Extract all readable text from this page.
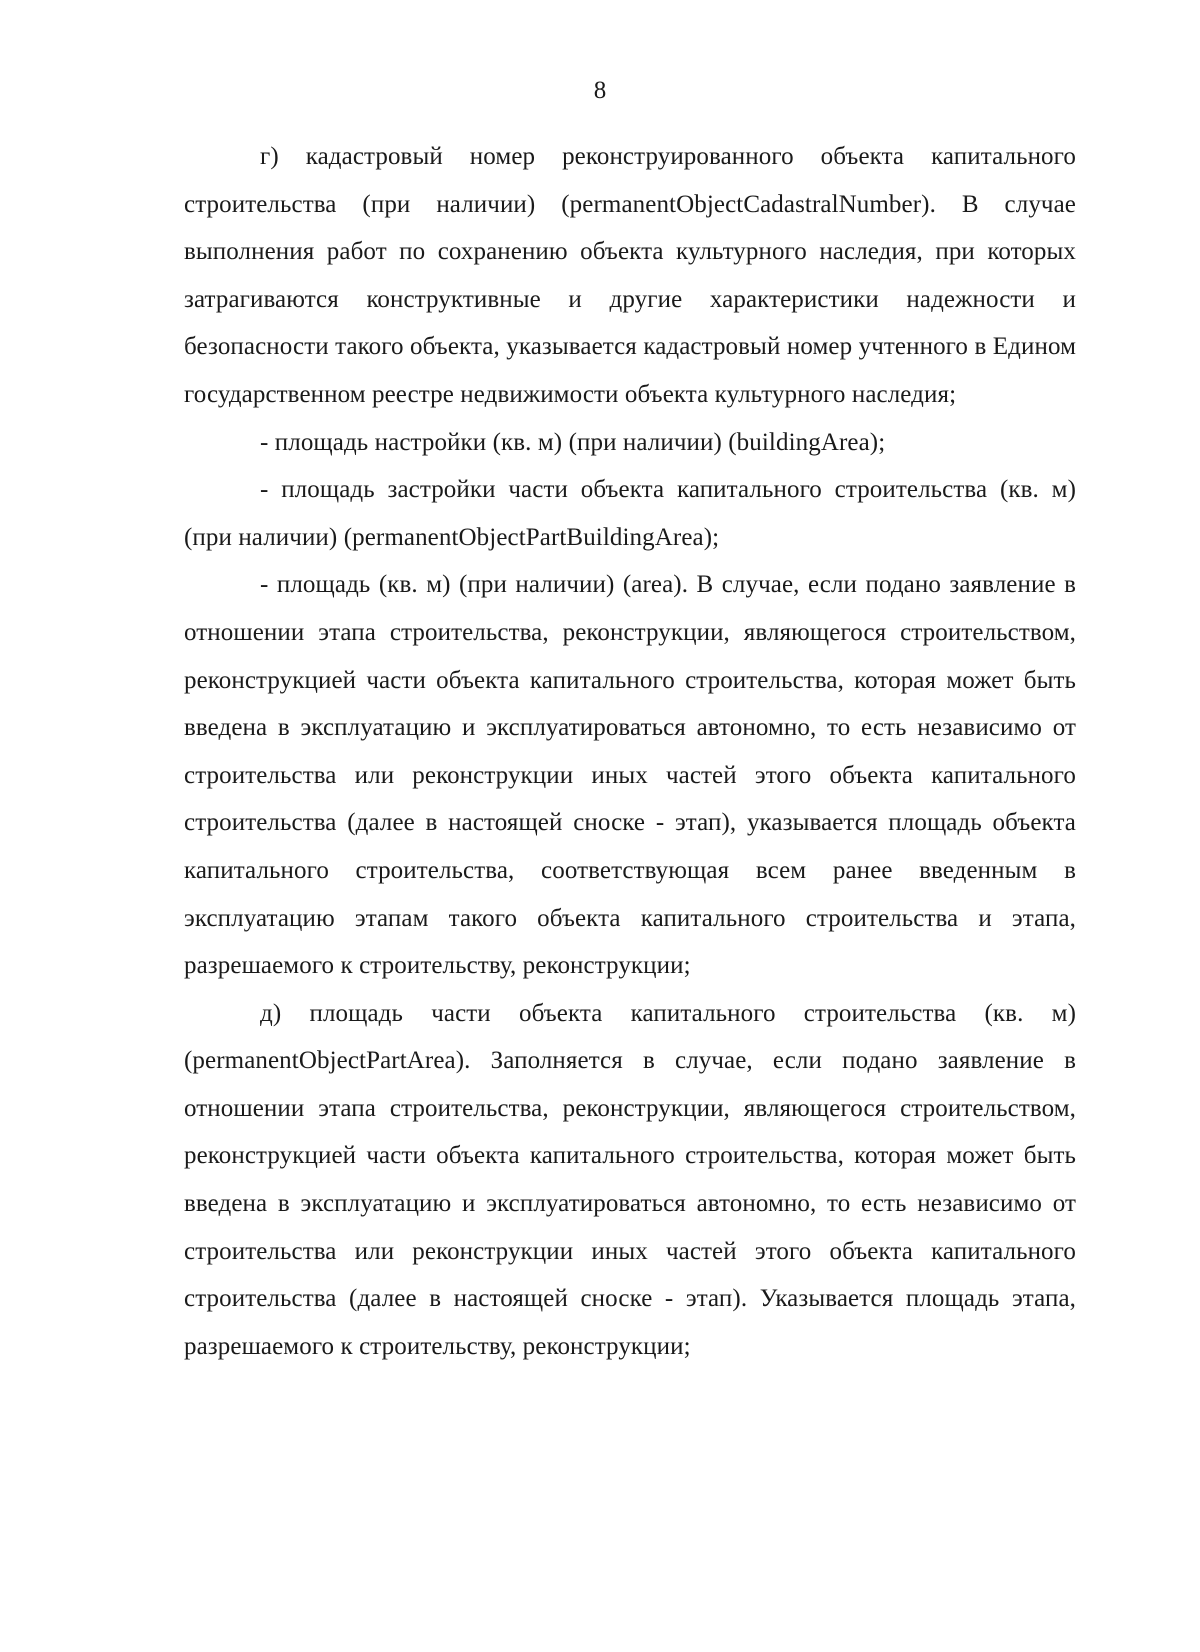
8

г) кадастровый номер реконструированного объекта капитального строительства (при наличии) (permanentObjectCadastralNumber). В случае выполнения работ по сохранению объекта культурного наследия, при которых затрагиваются конструктивные и другие характеристики надежности и безопасности такого объекта, указывается кадастровый номер учтенного в Едином государственном реестре недвижимости объекта культурного наследия;

- площадь настройки (кв. м) (при наличии) (buildingArea);

- площадь застройки части объекта капитального строительства (кв. м) (при наличии) (permanentObjectPartBuildingArea);

- площадь (кв. м) (при наличии) (area). В случае, если подано заявление в отношении этапа строительства, реконструкции, являющегося строительством, реконструкцией части объекта капитального строительства, которая может быть введена в эксплуатацию и эксплуатироваться автономно, то есть независимо от строительства или реконструкции иных частей этого объекта капитального строительства (далее в настоящей сноске - этап), указывается площадь объекта капитального строительства, соответствующая всем ранее введенным в эксплуатацию этапам такого объекта капитального строительства и этапа, разрешаемого к строительству, реконструкции;

д) площадь части объекта капитального строительства (кв. м) (permanentObjectPartArea). Заполняется в случае, если подано заявление в отношении этапа строительства, реконструкции, являющегося строительством, реконструкцией части объекта капитального строительства, которая может быть введена в эксплуатацию и эксплуатироваться автономно, то есть независимо от строительства или реконструкции иных частей этого объекта капитального строительства (далее в настоящей сноске - этап). Указывается площадь этапа, разрешаемого к строительству, реконструкции;
